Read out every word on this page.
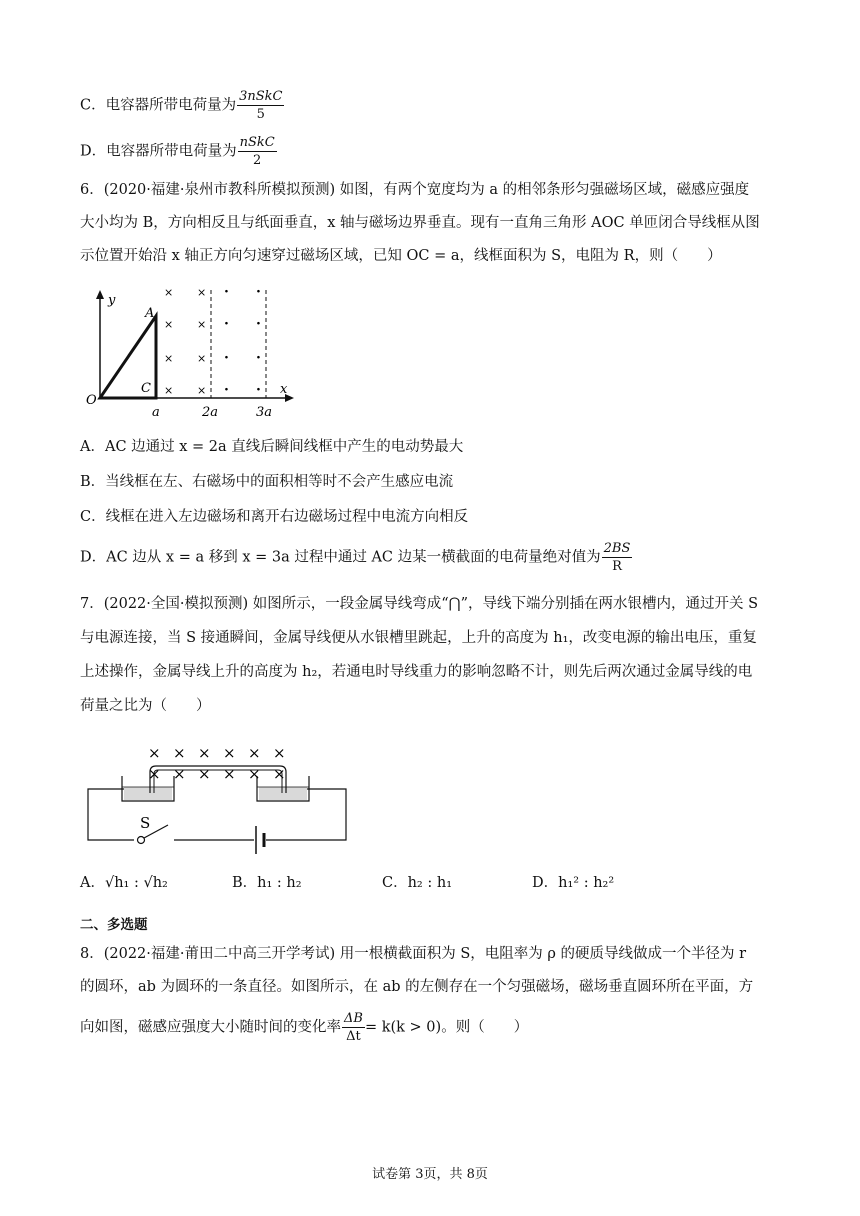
C．电容器所带电荷量为 $\frac{\text{3nSkC}}{5}$
D．电容器所带电荷量为 $\frac{\text{nSkC}}{2}$
6．(2020·福建·泉州市教科所模拟预测) 如图，有两个宽度均为 a 的相邻条形匀强磁场区域，磁感应强度
大小均为 B，方向相反且与纸面垂直，x 轴与磁场边界垂直。现有一直角三角形 AOC 单匝闭合导线框从图
示位置开始沿 x 轴正方向匀速穿过磁场区域，已知 OC = a，线框面积为 S，电阻为 R，则（　　）
y
x
O
A
C
a	2a	3a
× ×
× ×
× ×
× ×
· ·
· ·
· ·
· ·
A．AC 边通过 x = 2a 直线后瞬间线框中产生的电动势最大
B．当线框在左、右磁场中的面积相等时不会产生感应电流
C．线框在进入左边磁场和离开右边磁场过程中电流方向相反
D．AC 边从 x = a 移到 x = 3a 过程中通过 AC 边某一横截面的电荷量绝对值为 $\frac{2BS}{R}$
7．(2022·全国·模拟预测) 如图所示，一段金属导线弯成“⋂”，导线下端分别插在两水银槽内，通过开关 S
与电源连接，当 S 接通瞬间，金属导线便从水银槽里跳起，上升的高度为 h₁，改变电源的输出电压，重复
上述操作，金属导线上升的高度为 h₂，若通电时导线重力的影响忽略不计，则先后两次通过金属导线的电
荷量之比为（　　）
S
× × × × × ×
× × × × × ×
A．√h₁ : √h₂	B．h₁ : h₂	C．h₂ : h₁	D．h₁² : h₂²
二、多选题
8．(2022·福建·莆田二中高三开学考试) 用一根横截面积为 S，电阻率为 ρ 的硬质导线做成一个半径为 r
的圆环，ab 为圆环的一条直径。如图所示，在 ab 的左侧存在一个匀强磁场，磁场垂直圆环所在平面，方
向如图，磁感应强度大小随时间的变化率 $\frac{\Delta B}{\Delta t} = k(k > 0)$。则（　　）
试卷第 3页，共 8页
